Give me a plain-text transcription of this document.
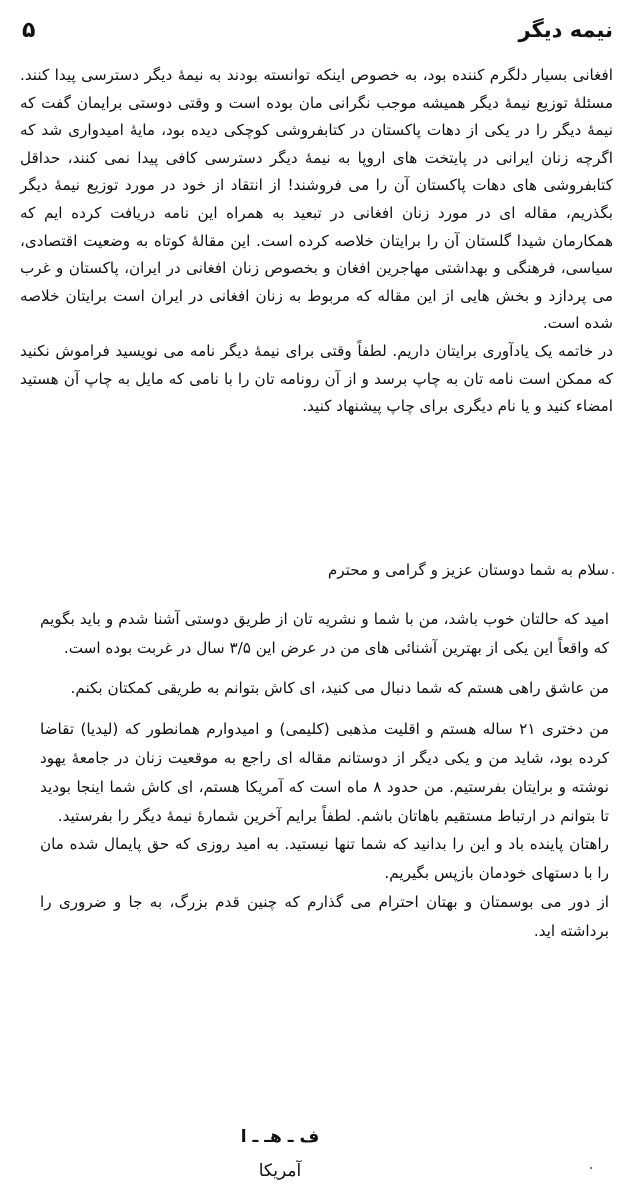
نیمه دیگر
۵

افغانی بسیار دلگرم کننده بود، به خصوص اینکه توانسته بودند به نیمهٔ دیگر دسترسی پیدا کنند. مسئلهٔ توزیع نیمهٔ دیگر همیشه موجب نگرانی مان بوده است و وقتی دوستی برایمان گفت که نیمهٔ دیگر را در یکی از دهات پاکستان در کتابفروشی کوچکی دیده بود، مایهٔ امیدواری شد که اگرچه زنان ایرانی در پایتخت های اروپا به نیمهٔ دیگر دسترسی کافی پیدا نمی کنند، حداقل کتابفروشی های دهات پاکستان آن را می فروشند! از انتقاد از خود در مورد توزیع نیمهٔ دیگر بگذریم، مقاله ای در مورد زنان افغانی در تبعید به همراه این نامه دریافت کرده ایم که همکارمان شیدا گلستان آن را برایتان خلاصه کرده است. این مقالهٔ کوتاه به وضعیت اقتصادی، سیاسی، فرهنگی و بهداشتی مهاجرین افغان و بخصوص زنان افغانی در ایران، پاکستان و غرب می پردازد و بخش هایی از این مقاله که مربوط به زنان افغانی در ایران است برایتان خلاصه شده است.

در خاتمه یک یادآوری برایتان داریم. لطفاً وقتی برای نیمهٔ دیگر نامه می نویسید فراموش نکنید که ممکن است نامه تان به چاپ برسد و از آن رونامه تان را با نامی که مایل به چاپ آن هستید امضاء کنید و یا نام دیگری برای چاپ پیشنهاد کنید.

سلام به شما دوستان عزیز و گرامی و محترم

امید که حالتان خوب باشد، من با شما و نشریه تان از طریق دوستی آشنا شدم و باید بگویم که واقعاً این یکی از بهترین آشنائی های من در عرض این ۳/۵ سال در غربت بوده است.

من عاشق راهی هستم که شما دنبال می کنید، ای کاش بتوانم به طریقی کمکتان بکنم.

من دختری ۲۱ ساله هستم و اقلیت مذهبی (کلیمی) و امیدوارم همانطور که (لیدیا) تقاضا کرده بود، شاید من و یکی دیگر از دوستانم مقاله ای راجع به موقعیت زنان در جامعهٔ یهود نوشته و برایتان بفرستیم. من حدود ۸ ماه است که آمریکا هستم، ای کاش شما اینجا بودید تا بتوانم در ارتباط مستقیم باهاتان باشم. لطفاً برایم آخرین شمارهٔ نیمهٔ دیگر را بفرستید.

راهتان پاینده باد و این را بدانید که شما تنها نیستید. به امید روزی که حق پایمال شده مان را با دستهای خودمان بازپس بگیریم.

از دور می بوسمتان و بهتان احترام می گذارم که چنین قدم بزرگ، به جا و ضروری را برداشته اید.

ف ـ هـ ـ ا
آمریکا
